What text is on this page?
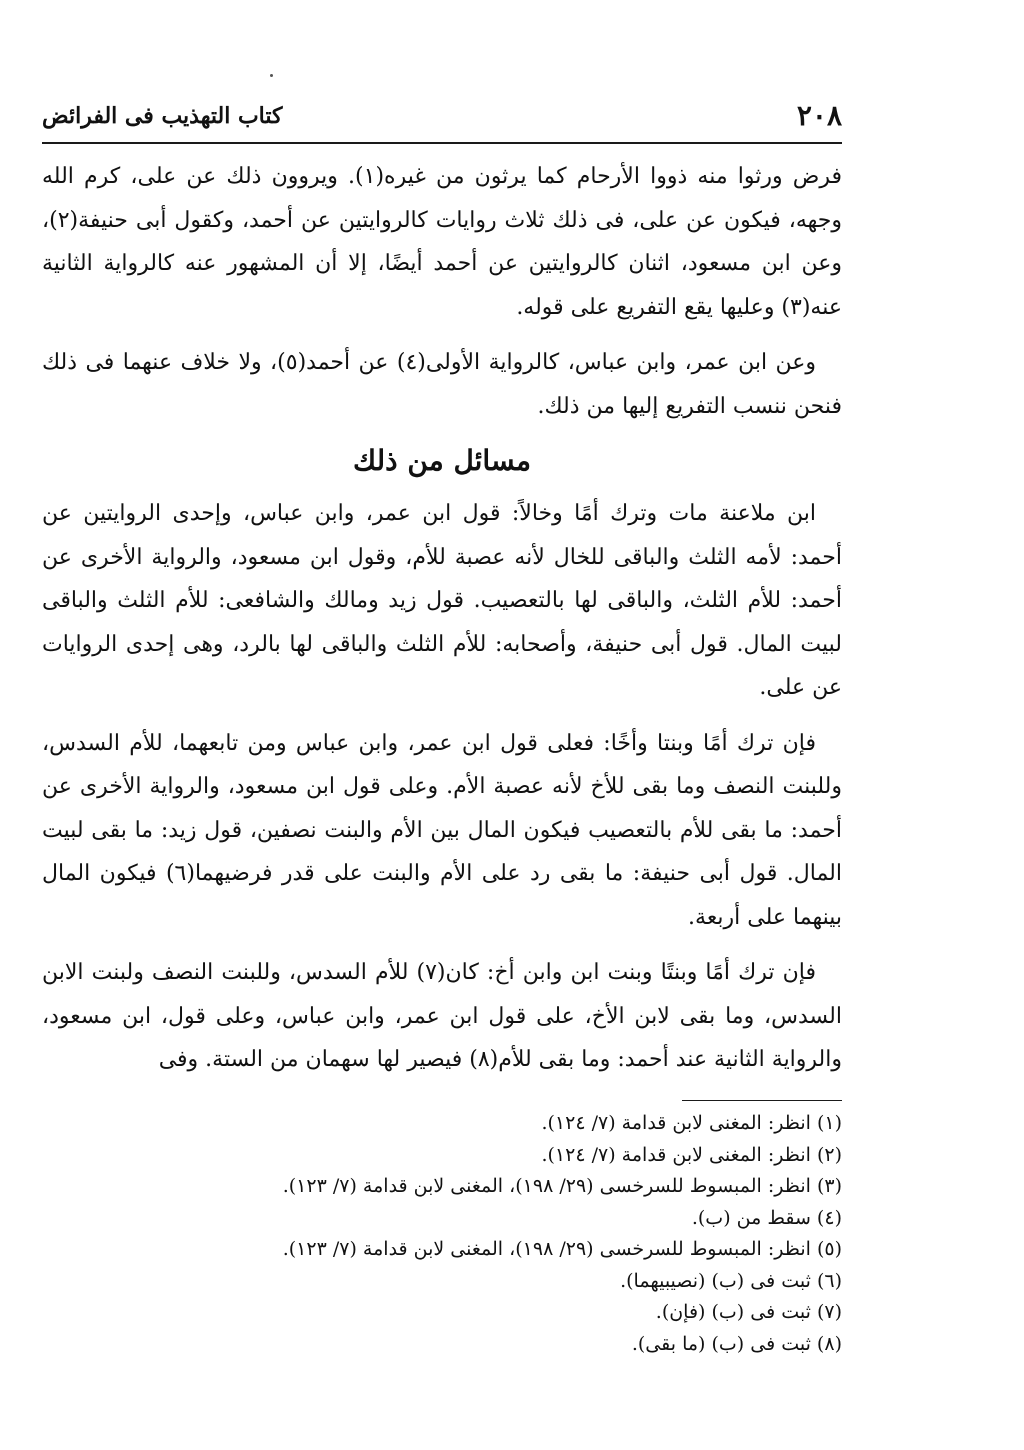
٢٠٨
كتاب التهذيب فى الفرائض

فرض ورثوا منه ذووا الأرحام كما يرثون من غيره(١). ويروون ذلك عن على، كرم الله وجهه، فيكون عن على، فى ذلك ثلاث روايات كالروايتين عن أحمد، وكقول أبى حنيفة(٢)، وعن ابن مسعود، اثنان كالروايتين عن أحمد أيضًا، إلا أن المشهور عنه كالرواية الثانية عنه(٣) وعليها يقع التفريع على قوله.

وعن ابن عمر، وابن عباس، كالرواية الأولى(٤) عن أحمد(٥)، ولا خلاف عنهما فى ذلك فنحن ننسب التفريع إليها من ذلك.

مسائل من ذلك

ابن ملاعنة مات وترك أمًا وخالاً: قول ابن عمر، وابن عباس، وإحدى الروايتين عن أحمد: لأمه الثلث والباقى للخال لأنه عصبة للأم، وقول ابن مسعود، والرواية الأخرى عن أحمد: للأم الثلث، والباقى لها بالتعصيب. قول زيد ومالك والشافعى: للأم الثلث والباقى لبيت المال. قول أبى حنيفة، وأصحابه: للأم الثلث والباقى لها بالرد، وهى إحدى الروايات عن على.

فإن ترك أمًا وبنتا وأخًا: فعلى قول ابن عمر، وابن عباس ومن تابعهما، للأم السدس، وللبنت النصف وما بقى للأخ لأنه عصبة الأم. وعلى قول ابن مسعود، والرواية الأخرى عن أحمد: ما بقى للأم بالتعصيب فيكون المال بين الأم والبنت نصفين، قول زيد: ما بقى لبيت المال. قول أبى حنيفة: ما بقى رد على الأم والبنت على قدر فرضيهما(٦) فيكون المال بينهما على أربعة.

فإن ترك أمًا وبنتًا وبنت ابن وابن أخ: كان(٧) للأم السدس، وللبنت النصف ولبنت الابن السدس، وما بقى لابن الأخ، على قول ابن عمر، وابن عباس، وعلى قول، ابن مسعود، والرواية الثانية عند أحمد: وما بقى للأم(٨) فيصير لها سهمان من الستة. وفى

(١) انظر: المغنى لابن قدامة (٧/ ١٢٤).
(٢) انظر: المغنى لابن قدامة (٧/ ١٢٤).
(٣) انظر: المبسوط للسرخسى (٢٩/ ١٩٨)، المغنى لابن قدامة (٧/ ١٢٣).
(٤) سقط من (ب).
(٥) انظر: المبسوط للسرخسى (٢٩/ ١٩٨)، المغنى لابن قدامة (٧/ ١٢٣).
(٦) ثبت فى (ب) (نصيبيهما).
(٧) ثبت فى (ب) (فإن).
(٨) ثبت فى (ب) (ما بقى).
